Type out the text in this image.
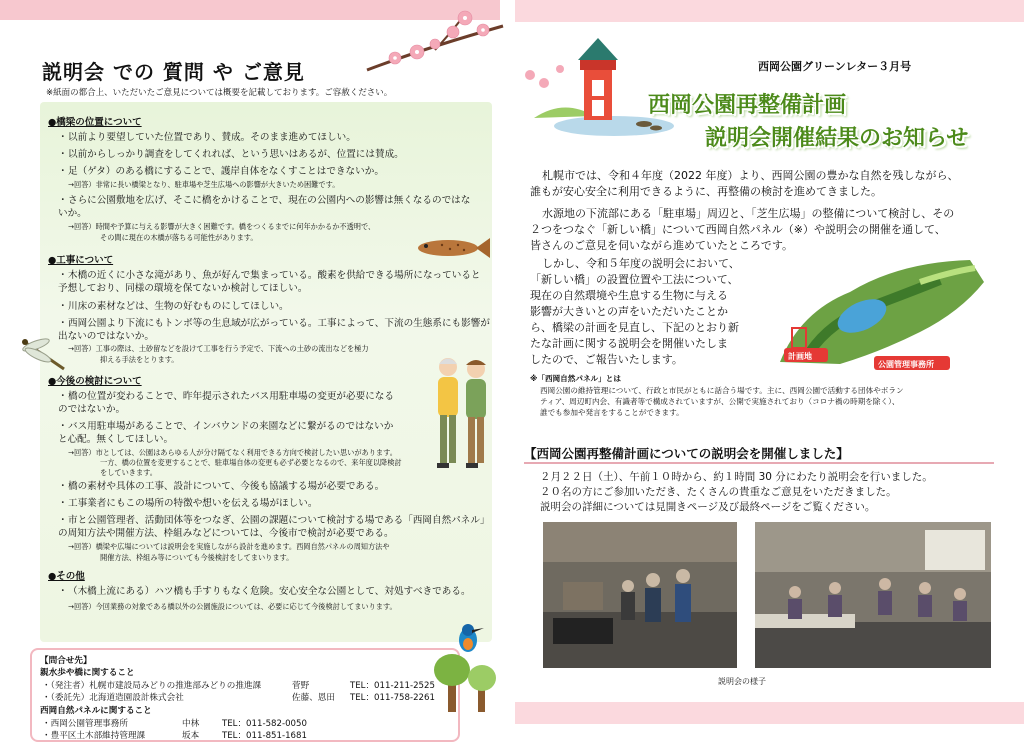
説明会 での 質問 や ご意見
※紙面の都合上、いただいたご意見については概要を記載しております。ご容赦ください。
●橋梁の位置について
・以前より要望していた位置であり、賛成。そのまま進めてほしい。
・以前からしっかり調査をしてくれれば、という思いはあるが、位置には賛成。
・足（ゲタ）のある橋にすることで、護岸自体をなくすことはできないか。
→回答）非常に長い橋梁となり、駐車場や芝生広場への影響が大きいため困難です。
・さらに公園敷地を広げ、そこに橋をかけることで、現在の公園内への影響は無くなるのではないか。
→回答）時間や予算に与える影響が大きく困難です。橋をつくるまでに何年かかるか不透明で、
その間に現在の木橋が落ちる可能性があります。
●工事について
・木橋の近くに小さな滝があり、魚が好んで集まっている。酸素を供給できる場所になっていると予想しており、同様の環境を保てないか検討してほしい。
・川床の素材などは、生物の好むものにしてほしい。
・西岡公園より下流にもトンボ等の生息域が広がっている。工事によって、下流の生態系にも影響が出ないのではないか。
→回答）工事の際は、土砂留などを設けて工事を行う予定で、下流への土砂の流出などを極力
抑える手法をとります。
●今後の検討について
・橋の位置が変わることで、昨年提示されたバス用駐車場の変更が必要になるのではないか。
・バス用駐車場があることで、インバウンドの来園などに繋がるのではないかと心配。無くしてほしい。
→回答）市としては、公園はあらゆる人が分け隔てなく利用できる方向で検討したい思いがあります。
一方、橋の位置を変更することで、駐車場自体の変更も必ず必要となるので、来年度以降検討
をしていきます。
・橋の素材や具体の工事、設計について、今後も協議する場が必要である。
・工事業者にもこの場所の特徴や想いを伝える場がほしい。
・市と公園管理者、活動団体等をつなぎ、公園の課題について検討する場である「西岡自然パネル」の周知方法や開催方法、枠組みなどについては、今後市で検討が必要である。
→回答）橋梁や広場については説明会を実施しながら設計を進めます。西岡自然パネルの周知方法や
開催方法、枠組み等についても今後検討をしてまいります。
●その他
・（木橋上流にある）ハツ橋も手すりもなく危険。安心安全な公園として、対処すべきである。
→回答）今回業務の対象である橋以外の公園施設については、必要に応じて今後検討してまいります。
【問合せ先】
親水歩や橋に関すること
・（発注者）札幌市建設局みどりの推進部みどりの推進課	菅野	TEL：011-211-2525
・（委託先）北海道造園設計株式会社	佐藤、恩田 TEL：011-758-2261
西岡自然パネルに関すること
・西岡公園管理事務所	中林	TEL：011-582-0050
・豊平区土木部維持管理課	坂本	TEL：011-851-1681
西岡公園グリーンレター３月号
西岡公園再整備計画
説明会開催結果のお知らせ
札幌市では、令和４年度（2022 年度）より、西岡公園の豊かな自然を残しながら、
誰もが安心安全に利用できるように、再整備の検討を進めてきました。
水源地の下流部にある「駐車場」周辺と、「芝生広場」の整備について検討し、その
２つをつなぐ「新しい橋」について西岡自然パネル（※）や説明会の開催を通して、
皆さんのご意見を伺いながら進めていたところです。
しかし、令和５年度の説明会において、
「新しい橋」の設置位置や工法について、
現在の自然環境や生息する生物に与える
影響が大きいとの声をいただいたことか
ら、橋梁の計画を見直し、下記のとおり新
たな計画に関する説明会を開催いたしま
したので、ご報告いたします。	計画地
公園管理事務所
※「西岡自然パネル」とは
西岡公園の維持管理について、行政と市民がともに話合う場です。主に、西岡公園で活動する団体やボラン
ティア、周辺町内会、有識者等で構成されていますが、公開で実施されており（コロナ禍の時期を除く）、
誰でも参加や発言をすることができます。
【西岡公園再整備計画についての説明会を開催しました】
２月２２日（土）、午前１０時から、約１時間 30 分にわたり説明会を行いました。
２０名の方にご参加いただき、たくさんの貴重なご意見をいただきました。
説明会の詳細については見開きページ及び最終ページをご覧ください。
説明会の様子
